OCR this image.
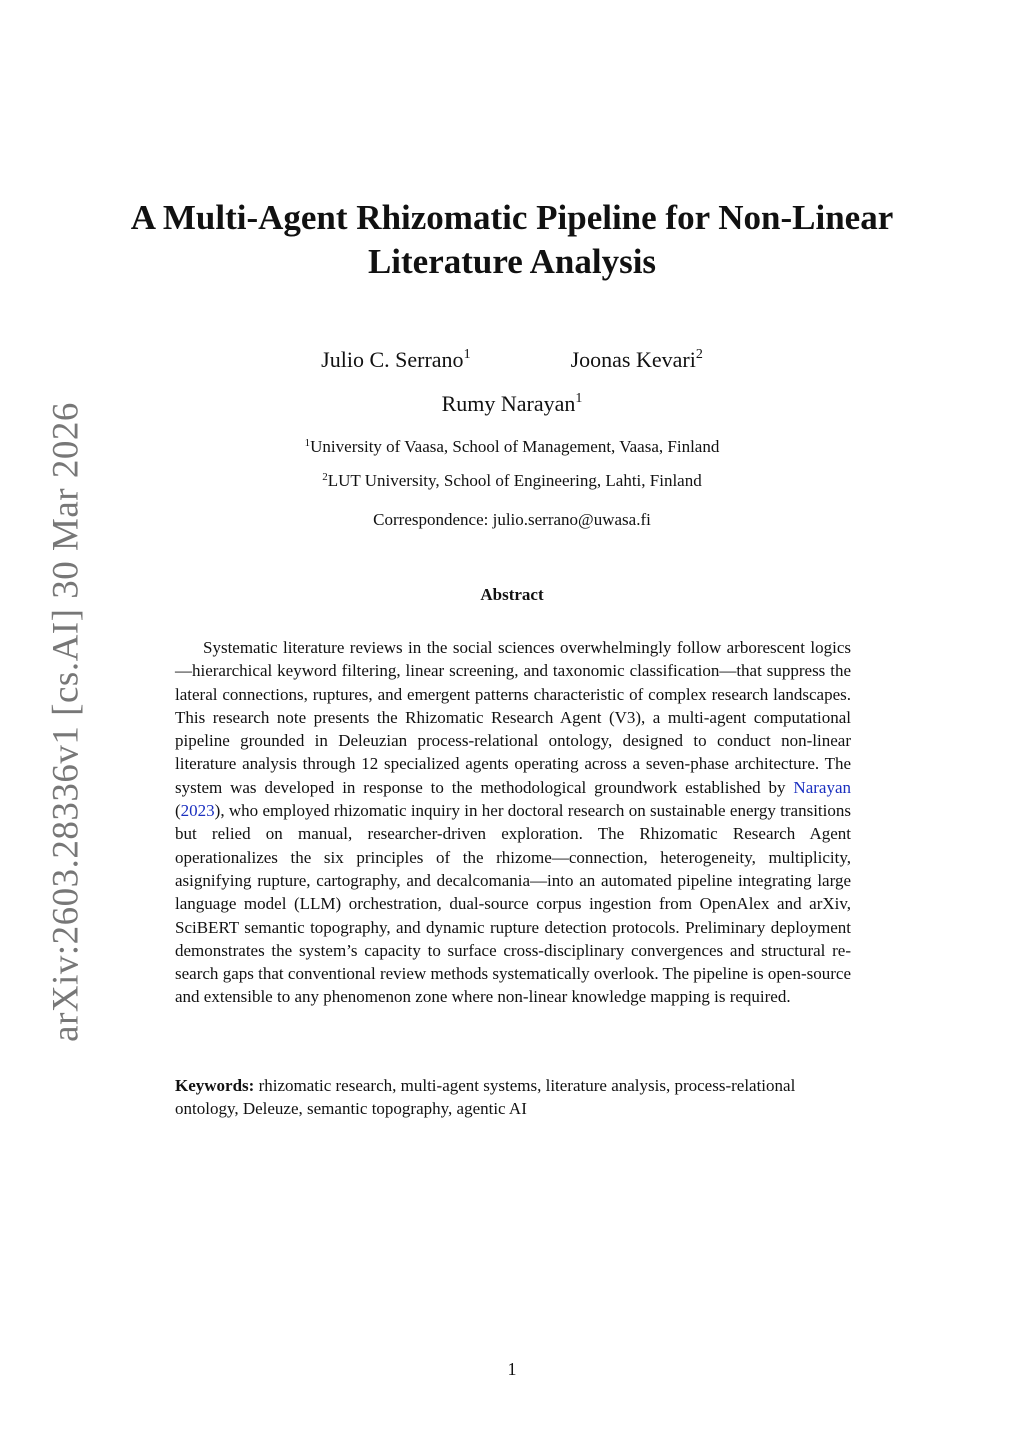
arXiv:2603.28336v1 [cs.AI] 30 Mar 2026
A Multi-Agent Rhizomatic Pipeline for Non-Linear
Literature Analysis
Julio C. Serrano$^1$	Joonas Kevari$^2$
Rumy Narayan$^1$
$^1$University of Vaasa, School of Management, Vaasa, Finland
$^2$LUT University, School of Engineering, Lahti, Finland
Correspondence: julio.serrano@uwasa.fi
Abstract

Systematic literature reviews in the social sciences overwhelmingly follow arborescent logics—hierarchical keyword filtering, linear screening, and taxonomic classification—that suppress the lateral connections, ruptures, and emergent patterns characteristic of complex research landscapes. This research note presents the Rhizomatic Research Agent (V3), a multi-agent computational pipeline grounded in Deleuzian process-relational ontology, designed to conduct non-linear literature analysis through 12 specialized agents operating across a seven-phase architecture. The system was developed in response to the methodological groundwork established by Narayan (2023), who employed rhizomatic inquiry in her doctoral research on sustainable energy transitions but relied on manual, researcher-driven exploration. The Rhizomatic Research Agent operationalizes the six principles of the rhizome—connection, heterogeneity, multiplicity, asignifying rupture, cartography, and decalcomania—into an automated pipeline integrating large language model (LLM) orchestration, dual-source corpus ingestion from OpenAlex and arXiv, SciBERT semantic topography, and dynamic rupture detection protocols. Preliminary deployment demonstrates the system’s capacity to surface cross-disciplinary convergences and structural research gaps that conventional review methods systematically overlook. The pipeline is open-source and extensible to any phenomenon zone where non-linear knowledge mapping is required.

Keywords: rhizomatic research, multi-agent systems, literature analysis, process-relational ontology, Deleuze, semantic topography, agentic AI

1
